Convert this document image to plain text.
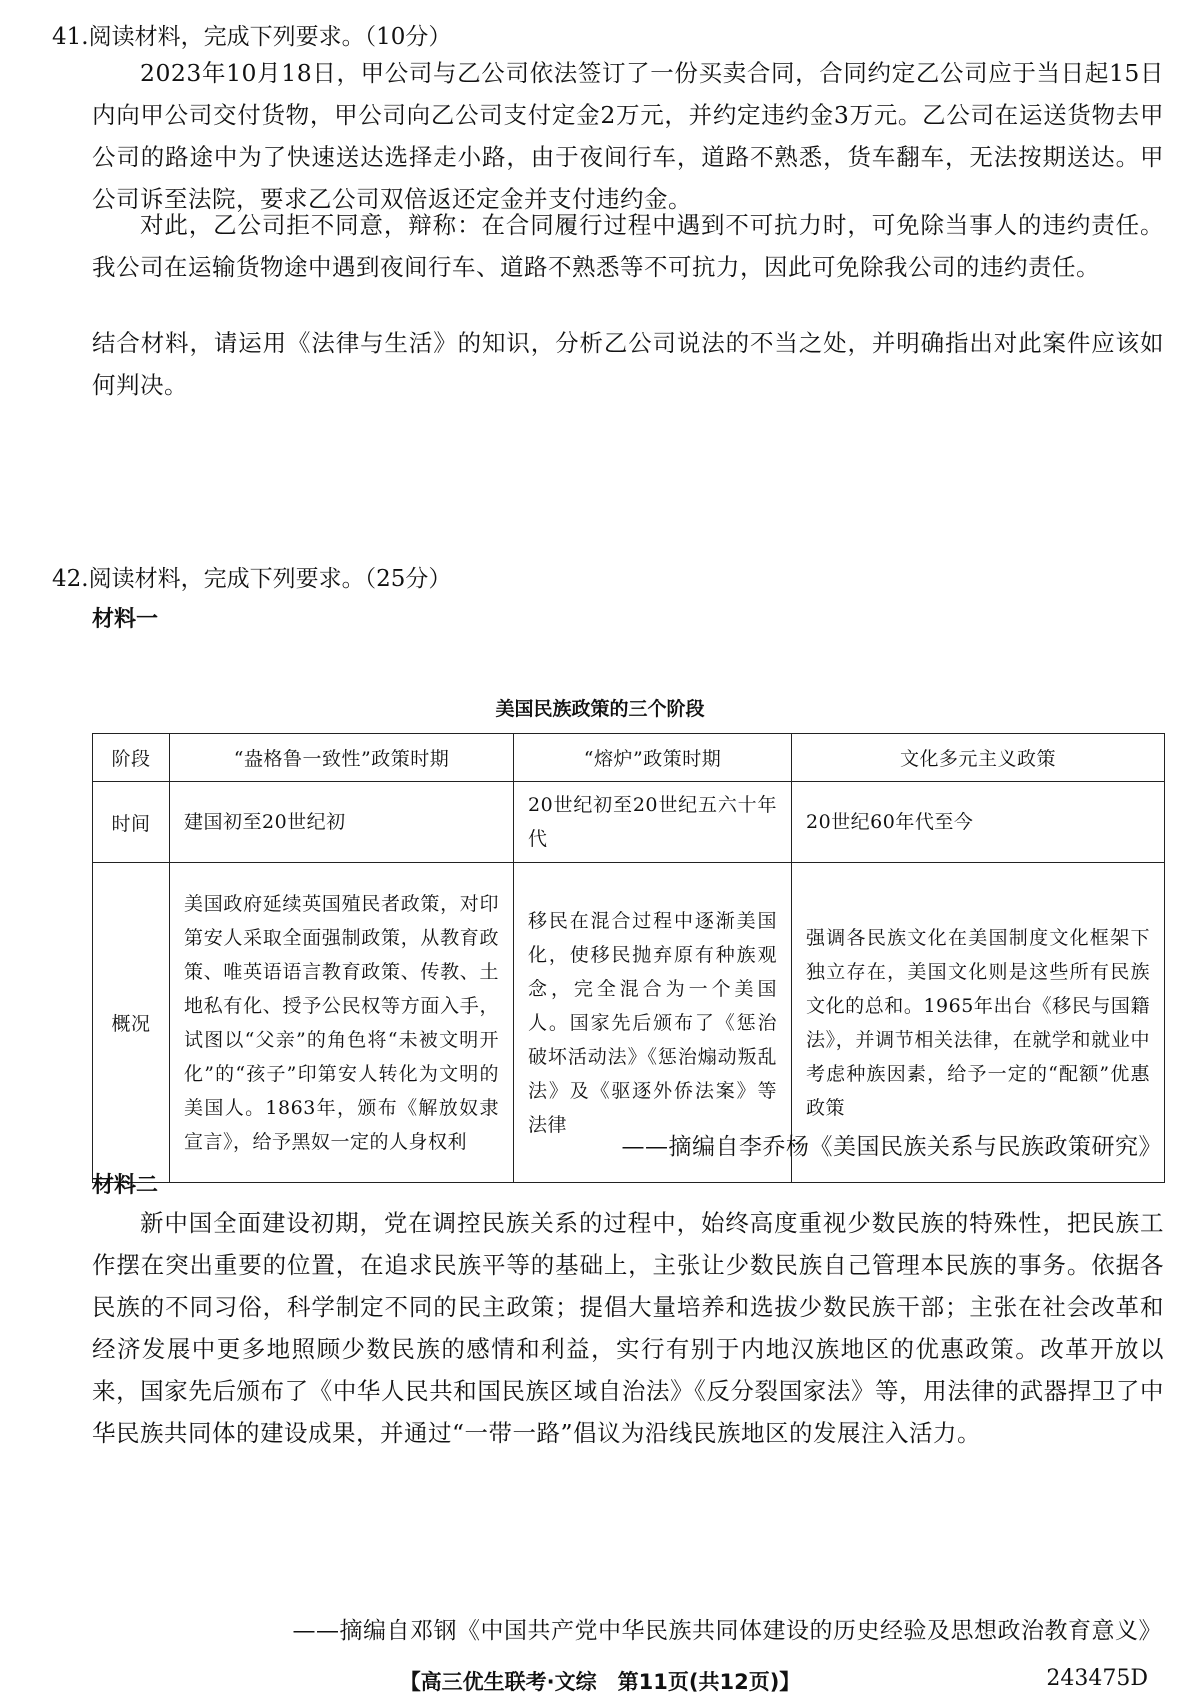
41.阅读材料，完成下列要求。（10分）
2023年10月18日，甲公司与乙公司依法签订了一份买卖合同，合同约定乙公司应于当日起15日内向甲公司交付货物，甲公司向乙公司支付定金2万元，并约定违约金3万元。乙公司在运送货物去甲公司的路途中为了快速送达选择走小路，由于夜间行车，道路不熟悉，货车翻车，无法按期送达。甲公司诉至法院，要求乙公司双倍返还定金并支付违约金。
对此，乙公司拒不同意，辩称：在合同履行过程中遇到不可抗力时，可免除当事人的违约责任。我公司在运输货物途中遇到夜间行车、道路不熟悉等不可抗力，因此可免除我公司的违约责任。
结合材料，请运用《法律与生活》的知识，分析乙公司说法的不当之处，并明确指出对此案件应该如何判决。
42.阅读材料，完成下列要求。（25分）
材料一
美国民族政策的三个阶段
阶段	“盎格鲁一致性”政策时期	“熔炉”政策时期	文化多元主义政策
时间	建国初至20世纪初	20世纪初至20世纪五六十年代	20世纪60年代至今
概况	美国政府延续英国殖民者政策，对印第安人采取全面强制政策，从教育政策、唯英语语言教育政策、传教、土地私有化、授予公民权等方面入手，试图以“父亲”的角色将“未被文明开化”的“孩子”印第安人转化为文明的美国人。1863年，颁布《解放奴隶宣言》，给予黑奴一定的人身权利	移民在混合过程中逐渐美国化，使移民抛弃原有种族观念，完全混合为一个美国人。国家先后颁布了《惩治破坏活动法》《惩治煽动叛乱法》及《驱逐外侨法案》等法律	强调各民族文化在美国制度文化框架下独立存在，美国文化则是这些所有民族文化的总和。1965年出台《移民与国籍法》，并调节相关法律，在就学和就业中考虑种族因素，给予一定的“配额”优惠政策
——摘编自李乔杨《美国民族关系与民族政策研究》
材料二
新中国全面建设初期，党在调控民族关系的过程中，始终高度重视少数民族的特殊性，把民族工作摆在突出重要的位置，在追求民族平等的基础上，主张让少数民族自己管理本民族的事务。依据各民族的不同习俗，科学制定不同的民主政策；提倡大量培养和选拔少数民族干部；主张在社会改革和经济发展中更多地照顾少数民族的感情和利益，实行有别于内地汉族地区的优惠政策。改革开放以来，国家先后颁布了《中华人民共和国民族区域自治法》《反分裂国家法》等，用法律的武器捍卫了中华民族共同体的建设成果，并通过“一带一路”倡议为沿线民族地区的发展注入活力。
——摘编自邓钢《中国共产党中华民族共同体建设的历史经验及思想政治教育意义》
【高三优生联考·文综　第11页(共12页)】	243475D
